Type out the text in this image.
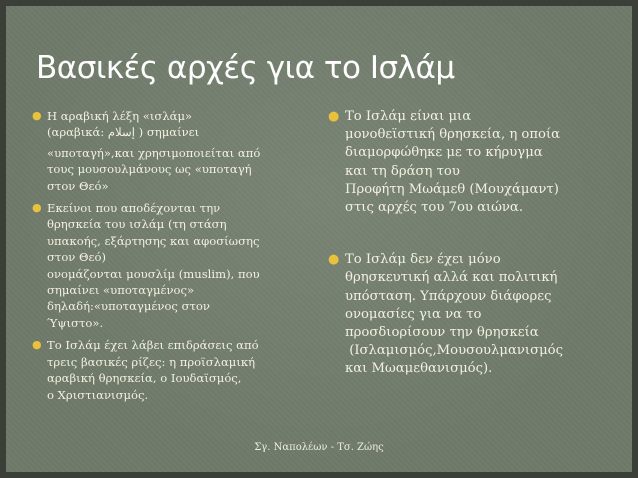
Βασικές αρχές για το Ισλάμ
● Η αραβική λέξη «ισλάμ»
(αραβικά: إسلام ) σημαίνει
«υποταγή»,και χρησιμοποιείται από
τους μουσουλμάνους ως «υποταγή
στον Θεό»
● Εκείνοι που αποδέχονται την
θρησκεία του ισλάμ (τη στάση
υπακοής, εξάρτησης και αφοσίωσης
στον Θεό)
ονομάζονται μουσλίμ (muslim), που
σημαίνει «υποταγμένος»
δηλαδή:«υποταγμένος στον
Ύψιστο».
● Το Ισλάμ έχει λάβει επιδράσεις από
τρεις βασικές ρίζες: η προϊσλαμική
αραβική θρησκεία, ο Ιουδαϊσμός,
ο Χριστιανισμός.
● Το Ισλάμ είναι μια
μονοθεϊστική θρησκεία, η οποία
διαμορφώθηκε με το κήρυγμα
και τη δράση του
Προφήτη Μωάμεθ (Μουχάμαντ)
στις αρχές του 7ου αιώνα.
● Το Ισλάμ δεν έχει μόνο
θρησκευτική αλλά και πολιτική
υπόσταση. Υπάρχουν διάφορες
ονομασίες για να το
προσδιορίσουν την θρησκεία
(Ισλαμισμός,Μουσουλμανισμός
και Μωαμεθανισμός).
Σγ. Ναπολέων - Τσ. Ζώης
